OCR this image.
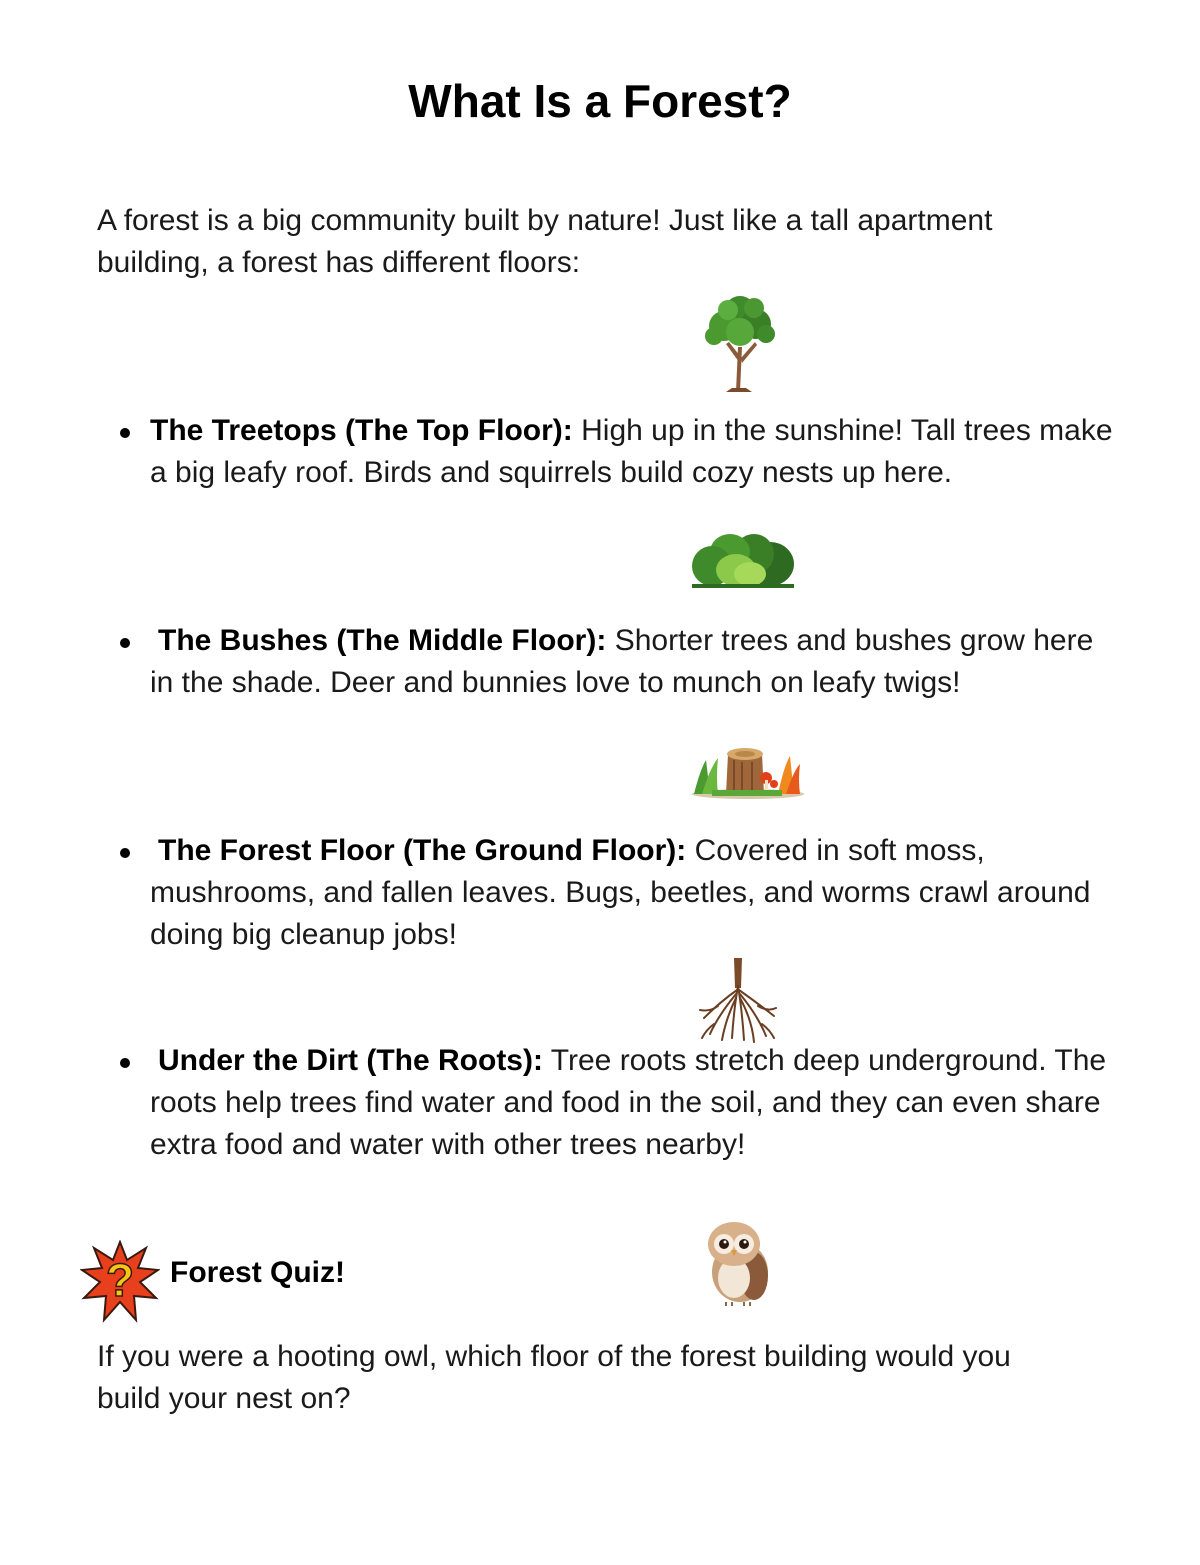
What Is a Forest?

A forest is a big community built by nature! Just like a tall apartment building, a forest has different floors:

The Treetops (The Top Floor): High up in the sunshine! Tall trees make a big leafy roof. Birds and squirrels build cozy nests up here.

The Bushes (The Middle Floor): Shorter trees and bushes grow here in the shade. Deer and bunnies love to munch on leafy twigs!

The Forest Floor (The Ground Floor): Covered in soft moss, mushrooms, and fallen leaves. Bugs, beetles, and worms crawl around doing big cleanup jobs!

Under the Dirt (The Roots): Tree roots stretch deep underground. The roots help trees find water and food in the soil, and they can even share extra food and water with other trees nearby!

? Forest Quiz!

If you were a hooting owl, which floor of the forest building would you build your nest on?
